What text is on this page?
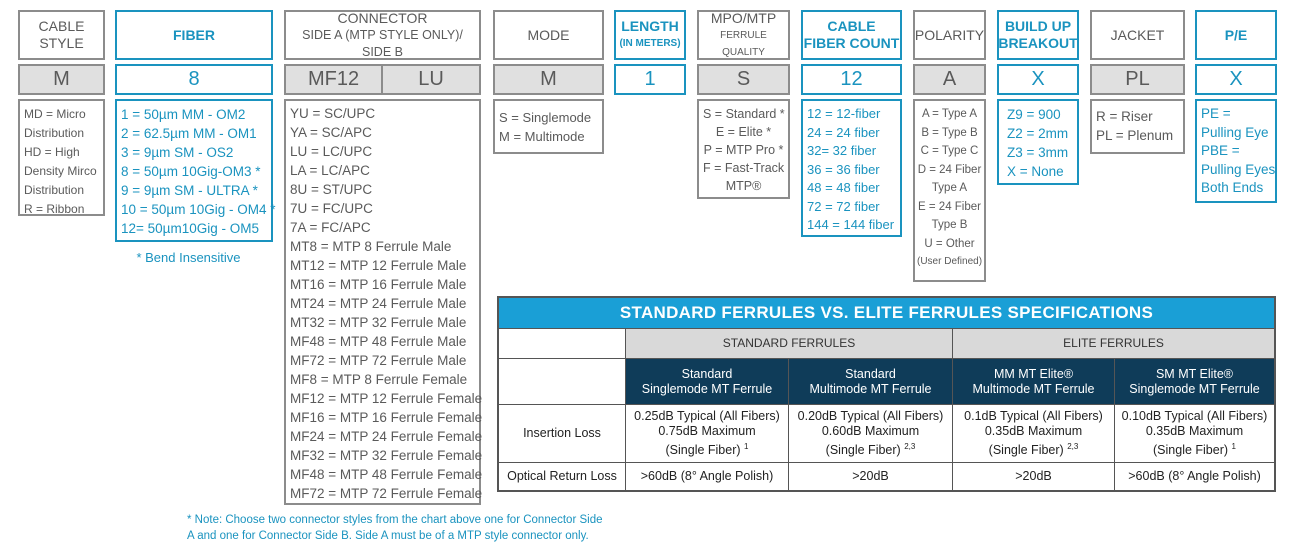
CABLE STYLE
M
MD = Micro
Distribution
HD = High
Density Mirco
Distribution
R = Ribbon
FIBER
8
1 = 50µm MM - OM2
2 = 62.5µm MM - OM1
3 = 9µm SM - OS2
8 = 50µm 10Gig-OM3 *
9 = 9µm SM - ULTRA *
10 = 50µm 10Gig - OM4 *
12= 50µm10Gig - OM5
* Bend Insensitive
CONNECTOR
SIDE A (MTP STYLE ONLY)/ SIDE B
MF12	LU
YU = SC/UPC
YA = SC/APC
LU = LC/UPC
LA = LC/APC
8U = ST/UPC
7U = FC/UPC
7A = FC/APC
MT8 = MTP 8 Ferrule Male
MT12 = MTP 12 Ferrule Male
MT16 = MTP 16 Ferrule Male
MT24 = MTP 24 Ferrule Male
MT32 = MTP 32 Ferrule Male
MF48 = MTP 48 Ferrule Male
MF72 = MTP 72 Ferrule Male
MF8 = MTP 8 Ferrule Female
MF12 = MTP 12 Ferrule Female
MF16 = MTP 16 Ferrule Female
MF24 = MTP 24 Ferrule Female
MF32 = MTP 32 Ferrule Female
MF48 = MTP 48 Ferrule Female
MF72 = MTP 72 Ferrule Female
MODE
M
S = Singlemode
M = Multimode
LENGTH
(IN METERS)
1
MPO/MTP
FERRULE QUALITY
S
S = Standard *
E = Elite *
P = MTP Pro *
F = Fast-Track
MTP®
CABLE
FIBER COUNT
12
12 = 12-fiber
24 = 24 fiber
32= 32 fiber
36 = 36 fiber
48 = 48 fiber
72 = 72 fiber
144 = 144 fiber
POLARITY
A
A = Type A
B = Type B
C = Type C
D = 24 Fiber
Type A
E = 24 Fiber
Type B
U = Other
(User Defined)
BUILD UP
BREAKOUT
X
Z9 = 900
Z2 = 2mm
Z3 = 3mm
X = None
JACKET
PL
R = Riser
PL = Plenum
P/E
X
PE =
Pulling Eye
PBE =
Pulling Eyes
Both Ends
STANDARD FERRULES VS. ELITE FERRULES SPECIFICATIONS
STANDARD FERRULES	ELITE FERRULES
Standard
Singlemode MT Ferrule
Standard
Multimode MT Ferrule
MM MT Elite®
Multimode MT Ferrule
SM MT Elite®
Singlemode MT Ferrule
Insertion Loss
0.25dB Typical (All Fibers)
0.75dB Maximum
(Single Fiber) $^1$
0.20dB Typical (All Fibers)
0.60dB Maximum
(Single Fiber) $^{2,3}$
0.1dB Typical (All Fibers)
0.35dB Maximum
(Single Fiber) $^{2,3}$
0.10dB Typical (All Fibers)
0.35dB Maximum
(Single Fiber) $^1$
Optical Return Loss	>60dB (8° Angle Polish)	>20dB	>20dB	>60dB (8° Angle Polish)
* Note: Choose two connector styles from the chart above one for Connector Side
A and one for Connector Side B. Side A must be of a MTP style connector only.
